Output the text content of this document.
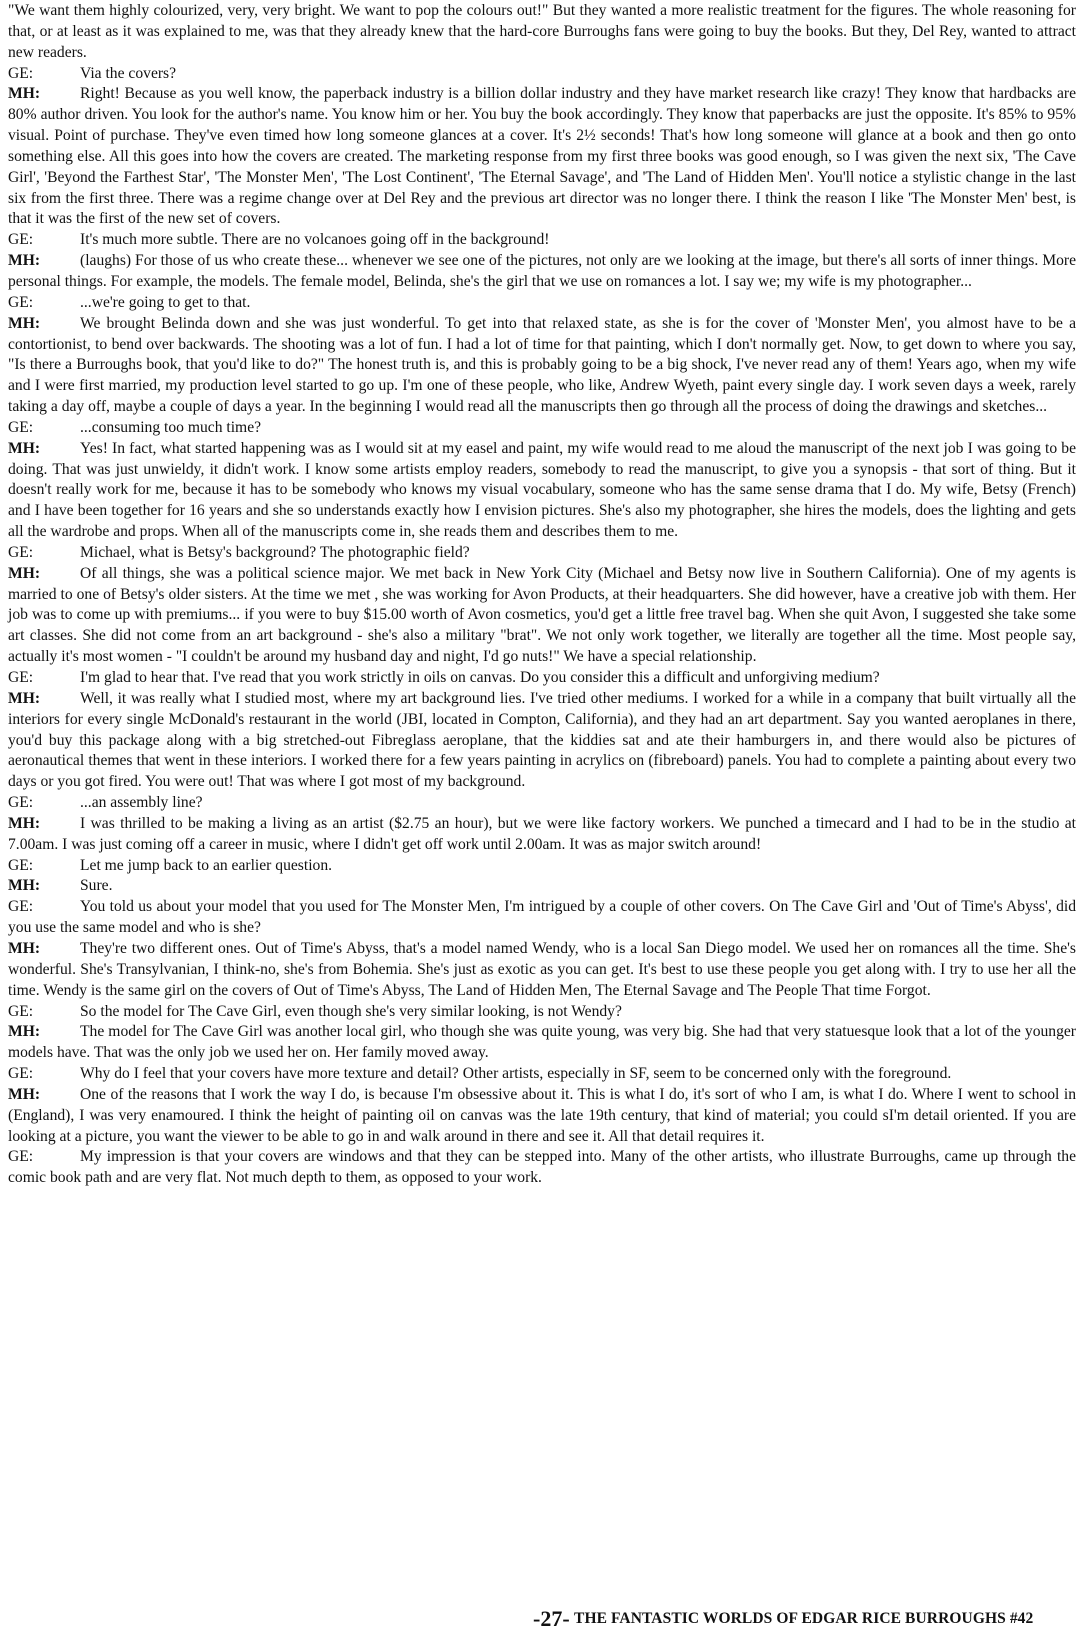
"We want them highly colourized, very, very bright. We want to pop the colours out!" But they wanted a more realistic treatment for the figures. The whole reasoning for that, or at least as it was explained to me, was that they already knew that the hard-core Burroughs fans were going to buy the books. But they, Del Rey, wanted to attract new readers.

GE:	Via the covers?

MH:	Right! Because as you well know, the paperback industry is a billion dollar industry and they have market research like crazy! They know that hardbacks are 80% author driven. You look for the author's name. You know him or her. You buy the book accordingly. They know that paperbacks are just the opposite. It's 85% to 95% visual. Point of purchase. They've even timed how long someone glances at a cover. It's 2½ seconds! That's how long someone will glance at a book and then go onto something else. All this goes into how the covers are created. The marketing response from my first three books was good enough, so I was given the next six, 'The Cave Girl', 'Beyond the Farthest Star', 'The Monster Men', 'The Lost Continent', 'The Eternal Savage', and 'The Land of Hidden Men'. You'll notice a stylistic change in the last six from the first three. There was a regime change over at Del Rey and the previous art director was no longer there. I think the reason I like 'The Monster Men' best, is that it was the first of the new set of covers.

GE:	It's much more subtle. There are no volcanoes going off in the background!

MH:	(laughs) For those of us who create these... whenever we see one of the pictures, not only are we looking at the image, but there's all sorts of inner things. More personal things. For example, the models. The female model, Belinda, she's the girl that we use on romances a lot. I say we; my wife is my photographer...

GE:	...we're going to get to that.

MH:	We brought Belinda down and she was just wonderful. To get into that relaxed state, as she is for the cover of 'Monster Men', you almost have to be a contortionist, to bend over backwards. The shooting was a lot of fun. I had a lot of time for that painting, which I don't normally get. Now, to get down to where you say, "Is there a Burroughs book, that you'd like to do?" The honest truth is, and this is probably going to be a big shock, I've never read any of them! Years ago, when my wife and I were first married, my production level started to go up. I'm one of these people, who like, Andrew Wyeth, paint every single day. I work seven days a week, rarely taking a day off, maybe a couple of days a year. In the beginning I would read all the manuscripts then go through all the process of doing the drawings and sketches...

GE:	...consuming too much time?

MH:	Yes! In fact, what started happening was as I would sit at my easel and paint, my wife would read to me aloud the manuscript of the next job I was going to be doing. That was just unwieldy, it didn't work. I know some artists employ readers, somebody to read the manuscript, to give you a synopsis - that sort of thing. But it doesn't really work for me, because it has to be somebody who knows my visual vocabulary, someone who has the same sense drama that I do. My wife, Betsy (French) and I have been together for 16 years and she so understands exactly how I envision pictures. She's also my photographer, she hires the models, does the lighting and gets all the wardrobe and props. When all of the manuscripts come in, she reads them and describes them to me.

GE:	Michael, what is Betsy's background? The photographic field?

MH:	Of all things, she was a political science major. We met back in New York City (Michael and Betsy now live in Southern California). One of my agents is married to one of Betsy's older sisters. At the time we met , she was working for Avon Products, at their headquarters. She did however, have a creative job with them. Her job was to come up with premiums... if you were to buy $15.00 worth of Avon cosmetics, you'd get a little free travel bag. When she quit Avon, I suggested she take some art classes. She did not come from an art background - she's also a military "brat". We not only work together, we literally are together all the time. Most people say, actually it's most women - "I couldn't be around my husband day and night, I'd go nuts!" We have a special relationship.

GE:	I'm glad to hear that. I've read that you work strictly in oils on canvas. Do you consider this a difficult and unforgiving medium?

MH:	Well, it was really what I studied most, where my art background lies. I've tried other mediums. I worked for a while in a company that built virtually all the interiors for every single McDonald's restaurant in the world (JBI, located in Compton, California), and they had an art department. Say you wanted aeroplanes in there, you'd buy this package along with a big stretched-out Fibreglass aeroplane, that the kiddies sat and ate their hamburgers in, and there would also be pictures of aeronautical themes that went in these interiors. I worked there for a few years painting in acrylics on (fibreboard) panels. You had to complete a painting about every two days or you got fired. You were out! That was where I got most of my background.

GE:	...an assembly line?

MH:	I was thrilled to be making a living as an artist ($2.75 an hour), but we were like factory workers. We punched a timecard and I had to be in the studio at 7.00am. I was just coming off a career in music, where I didn't get off work until 2.00am. It was as major switch around!

GE:	Let me jump back to an earlier question.

MH:	Sure.

GE:	You told us about your model that you used for The Monster Men, I'm intrigued by a couple of other covers. On The Cave Girl and 'Out of Time's Abyss', did you use the same model and who is she?

MH:	They're two different ones. Out of Time's Abyss, that's a model named Wendy, who is a local San Diego model. We used her on romances all the time. She's wonderful. She's Transylvanian, I think-no, she's from Bohemia. She's just as exotic as you can get. It's best to use these people you get along with. I try to use her all the time. Wendy is the same girl on the covers of Out of Time's Abyss, The Land of Hidden Men, The Eternal Savage and The People That time Forgot.

GE:	So the model for The Cave Girl, even though she's very similar looking, is not Wendy?

MH:	The model for The Cave Girl was another local girl, who though she was quite young, was very big. She had that very statuesque look that a lot of the younger models have. That was the only job we used her on. Her family moved away.

GE:	Why do I feel that your covers have more texture and detail? Other artists, especially in SF, seem to be concerned only with the foreground.

MH:	One of the reasons that I work the way I do, is because I'm obsessive about it. This is what I do, it's sort of who I am, is what I do. Where I went to school in (England), I was very enamoured. I think the height of painting oil on canvas was the late 19th century, that kind of material; you could sI'm detail oriented. If you are looking at a picture, you want the viewer to be able to go in and walk around in there and see it. All that detail requires it.

GE:	My impression is that your covers are windows and that they can be stepped into. Many of the other artists, who illustrate Burroughs, came up through the comic book path and are very flat. Not much depth to them, as opposed to your work.

-27- THE FANTASTIC WORLDS OF EDGAR RICE BURROUGHS #42
